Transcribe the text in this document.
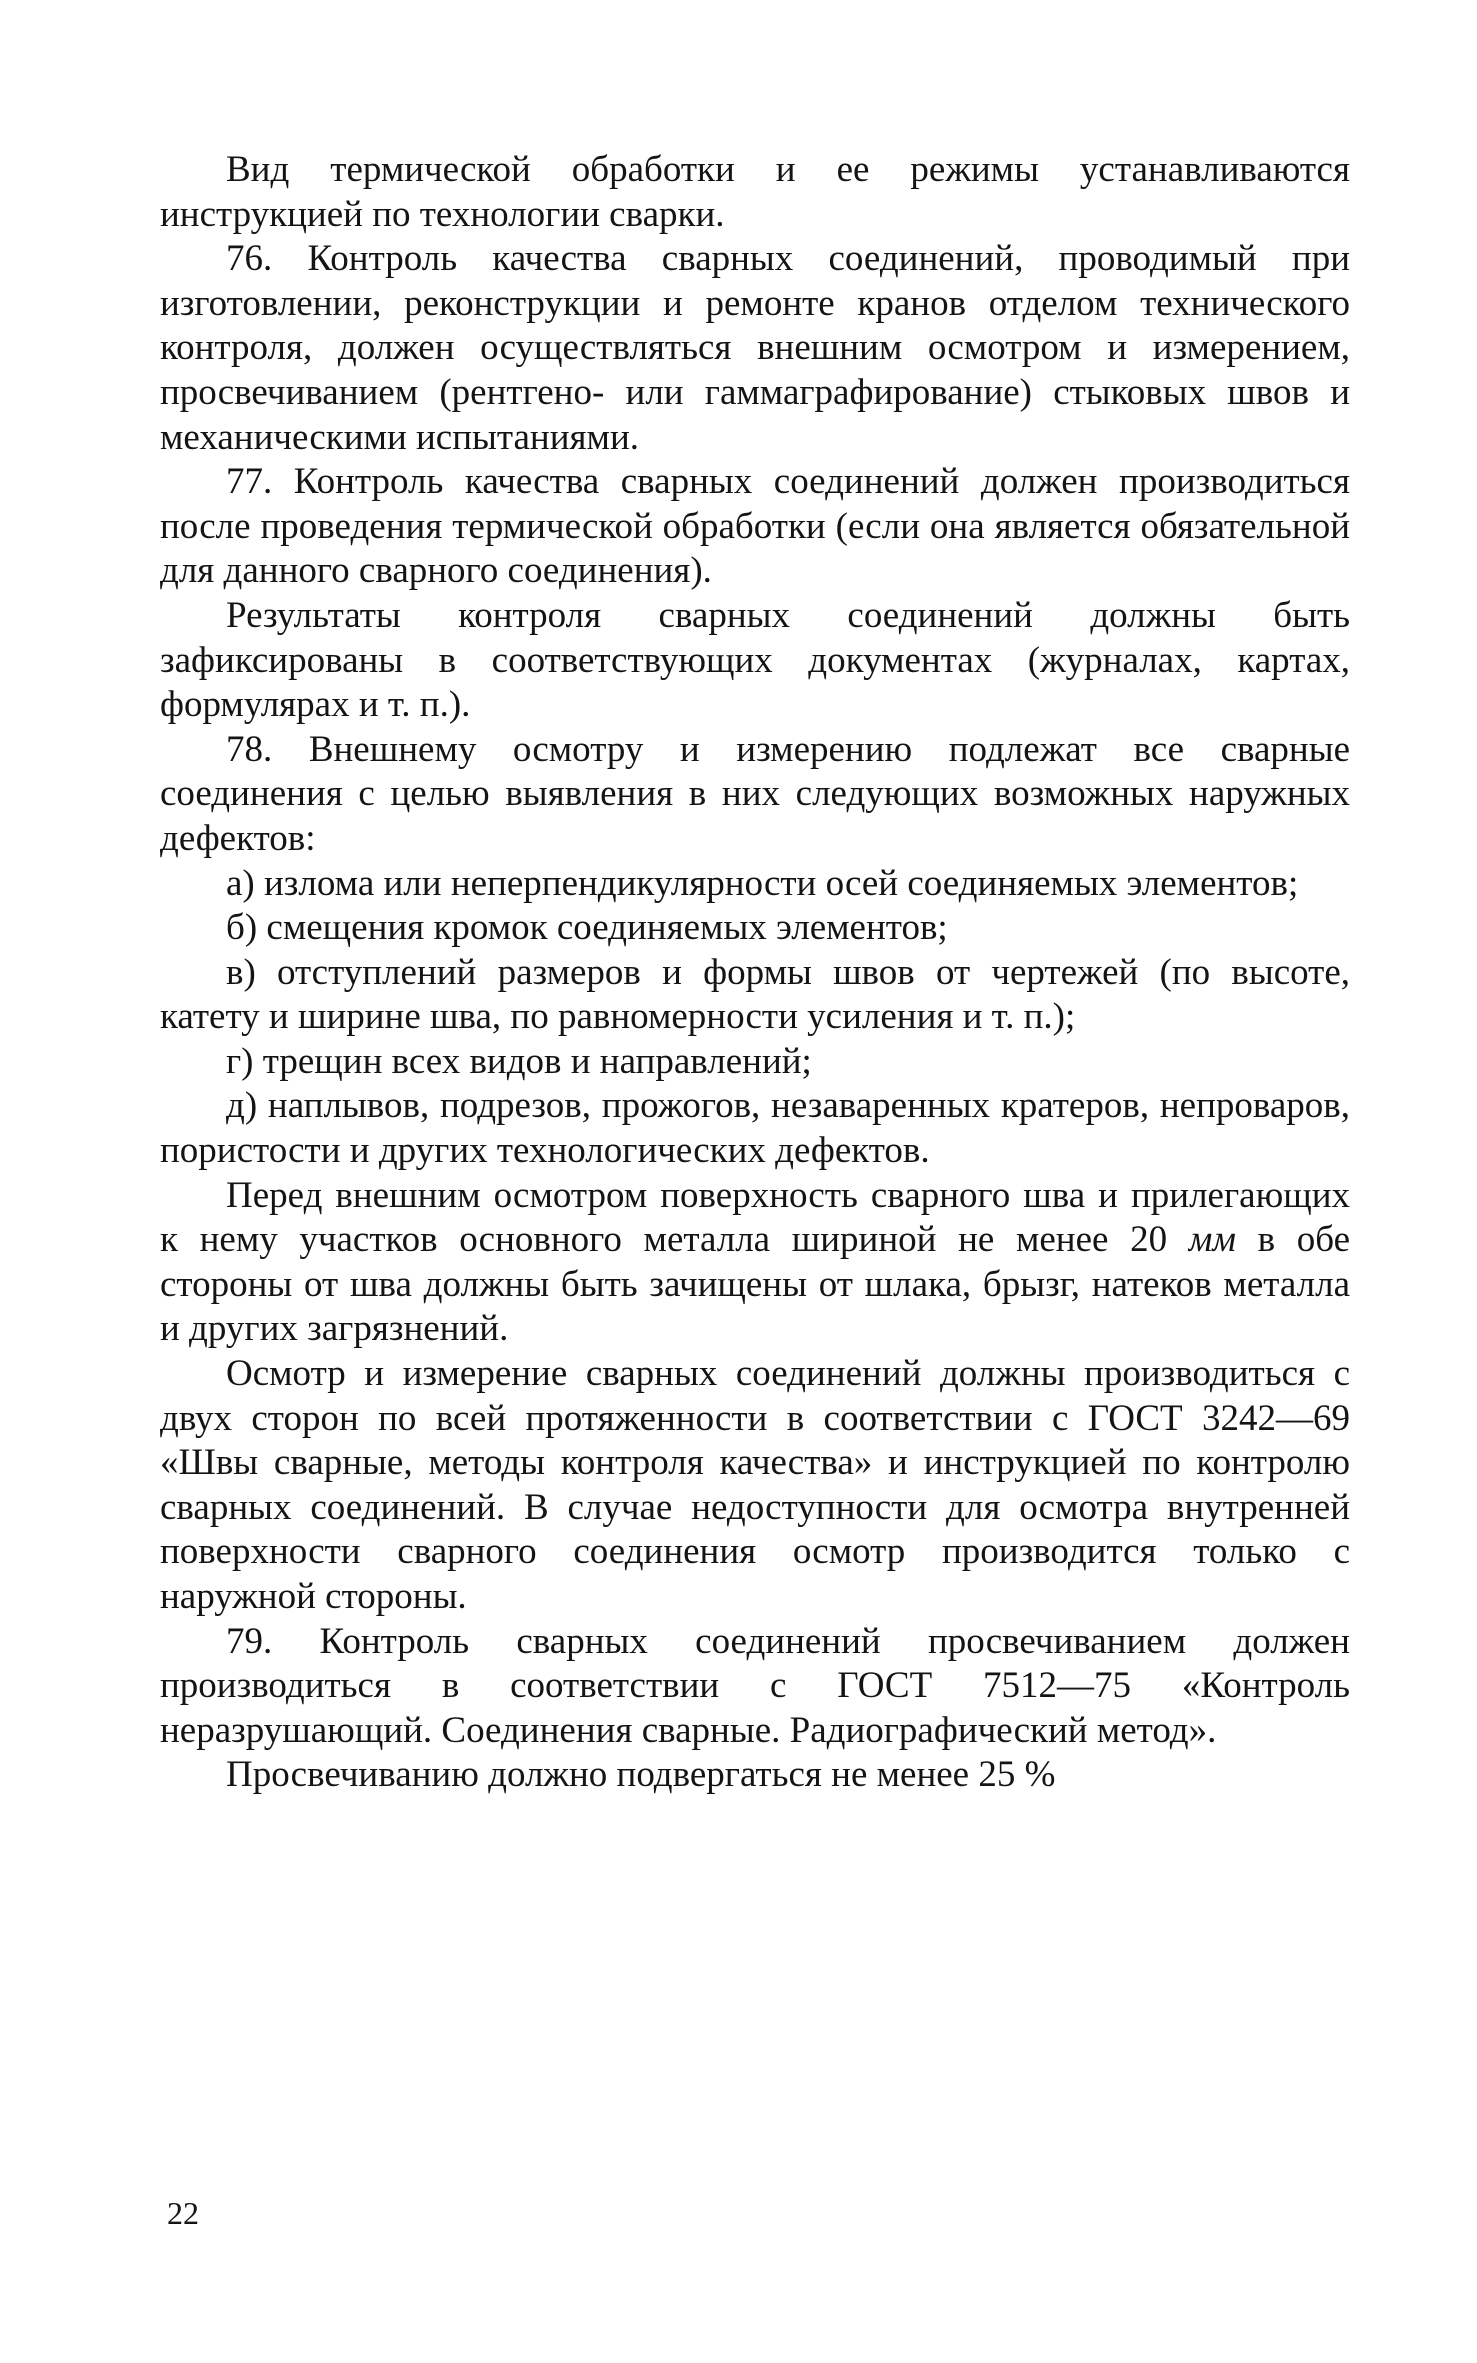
Вид термической обработки и ее режимы устанавливаются инструкцией по технологии сварки.

76. Контроль качества сварных соединений, проводимый при изготовлении, реконструкции и ремонте кранов отделом технического контроля, должен осуществляться внешним осмотром и измерением, просвечиванием (рентгено- или гаммаграфирование) стыковых швов и механическими испытаниями.

77. Контроль качества сварных соединений должен производиться после проведения термической обработки (если она является обязательной для данного сварного соединения).

Результаты контроля сварных соединений должны быть зафиксированы в соответствующих документах (журналах, картах, формулярах и т. п.).

78. Внешнему осмотру и измерению подлежат все сварные соединения с целью выявления в них следующих возможных наружных дефектов:

а) излома или неперпендикулярности осей соединяемых элементов;

б) смещения кромок соединяемых элементов;

в) отступлений размеров и формы швов от чертежей (по высоте, катету и ширине шва, по равномерности усиления и т. п.);

г) трещин всех видов и направлений;

д) наплывов, подрезов, прожогов, незаваренных кратеров, непроваров, пористости и других технологических дефектов.

Перед внешним осмотром поверхность сварного шва и прилегающих к нему участков основного металла шириной не менее 20 мм в обе стороны от шва должны быть зачищены от шлака, брызг, натеков металла и других загрязнений.

Осмотр и измерение сварных соединений должны производиться с двух сторон по всей протяженности в соответствии с ГОСТ 3242—69 «Швы сварные, методы контроля качества» и инструкцией по контролю сварных соединений. В случае недоступности для осмотра внутренней поверхности сварного соединения осмотр производится только с наружной стороны.

79. Контроль сварных соединений просвечиванием должен производиться в соответствии с ГОСТ 7512—75 «Контроль неразрушающий. Соединения сварные. Радиографический метод».

Просвечиванию должно подвергаться не менее 25 %

22
